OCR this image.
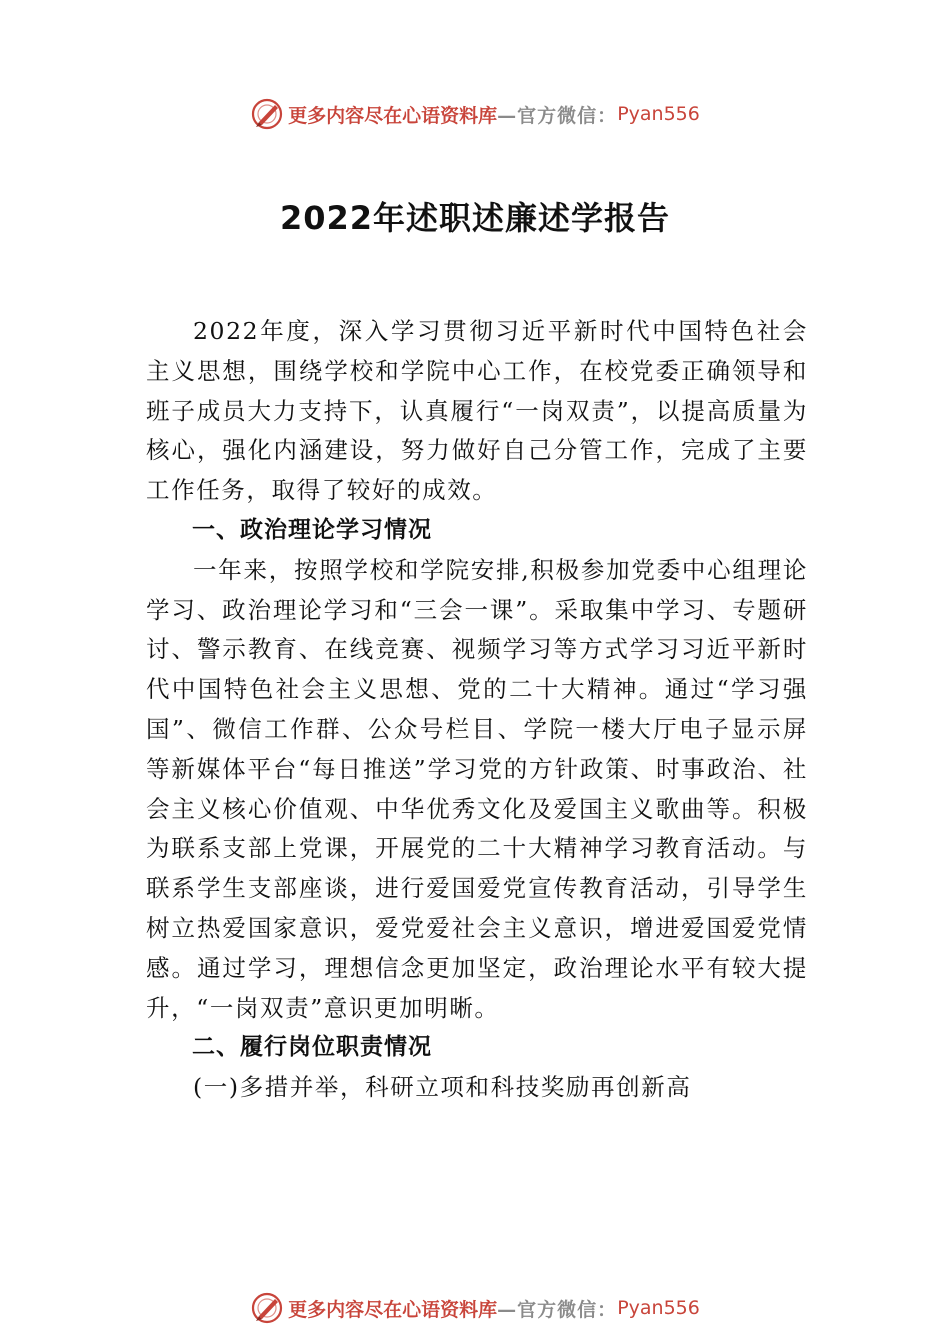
更多内容尽在心语资料库 —官方微信： Pyan556
2022年述职述廉述学报告

2022年度，深入学习贯彻习近平新时代中国特色社会主义思想，围绕学校和学院中心工作，在校党委正确领导和班子成员大力支持下，认真履行“一岗双责”，以提高质量为核心，强化内涵建设，努力做好自己分管工作，完成了主要工作任务，取得了较好的成效。

一、政治理论学习情况

一年来，按照学校和学院安排,积极参加党委中心组理论学习、政治理论学习和“三会一课”。采取集中学习、专题研讨、警示教育、在线竞赛、视频学习等方式学习习近平新时代中国特色社会主义思想、党的二十大精神。通过“学习强国”、微信工作群、公众号栏目、学院一楼大厅电子显示屏等新媒体平台“每日推送”学习党的方针政策、时事政治、社会主义核心价值观、中华优秀文化及爱国主义歌曲等。积极为联系支部上党课，开展党的二十大精神学习教育活动。与联系学生支部座谈，进行爱国爱党宣传教育活动，引导学生树立热爱国家意识，爱党爱社会主义意识，增进爱国爱党情感。通过学习，理想信念更加坚定，政治理论水平有较大提升，“一岗双责”意识更加明晰。

二、履行岗位职责情况

(一)多措并举，科研立项和科技奖励再创新高

更多内容尽在心语资料库 —官方微信： Pyan556
